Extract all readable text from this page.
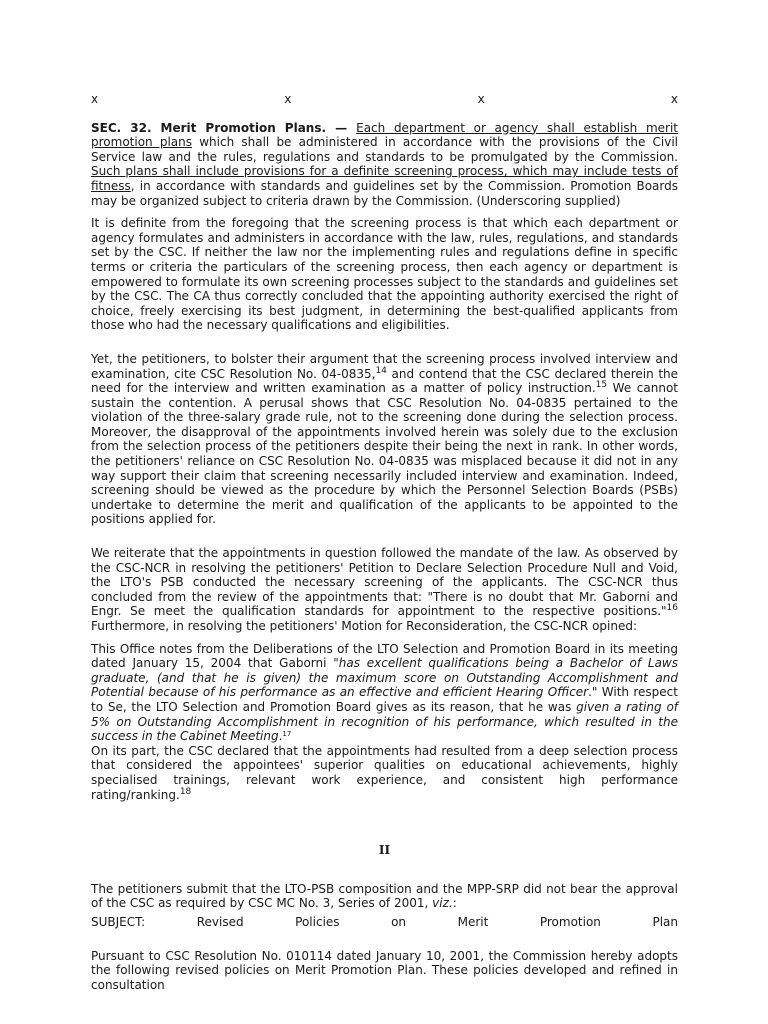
x	x	x	x

SEC. 32. Merit Promotion Plans. — Each department or agency shall establish merit promotion plans which shall be administered in accordance with the provisions of the Civil Service law and the rules, regulations and standards to be promulgated by the Commission. Such plans shall include provisions for a definite screening process, which may include tests of fitness, in accordance with standards and guidelines set by the Commission. Promotion Boards may be organized subject to criteria drawn by the Commission. (Underscoring supplied)

It is definite from the foregoing that the screening process is that which each department or agency formulates and administers in accordance with the law, rules, regulations, and standards set by the CSC. If neither the law nor the implementing rules and regulations define in specific terms or criteria the particulars of the screening process, then each agency or department is empowered to formulate its own screening processes subject to the standards and guidelines set by the CSC. The CA thus correctly concluded that the appointing authority exercised the right of choice, freely exercising its best judgment, in determining the best-qualified applicants from those who had the necessary qualifications and eligibilities.

Yet, the petitioners, to bolster their argument that the screening process involved interview and examination, cite CSC Resolution No. 04-0835,14 and contend that the CSC declared therein the need for the interview and written examination as a matter of policy instruction.$^{15}$ We cannot sustain the contention. A perusal shows that CSC Resolution No. 04-0835 pertained to the violation of the three-salary grade rule, not to the screening done during the selection process. Moreover, the disapproval of the appointments involved herein was solely due to the exclusion from the selection process of the petitioners despite their being the next in rank. In other words, the petitioners' reliance on CSC Resolution No. 04-0835 was misplaced because it did not in any way support their claim that screening necessarily included interview and examination. Indeed, screening should be viewed as the procedure by which the Personnel Selection Boards (PSBs) undertake to determine the merit and qualification of the applicants to be appointed to the positions applied for.

We reiterate that the appointments in question followed the mandate of the law. As observed by the CSC-NCR in resolving the petitioners' Petition to Declare Selection Procedure Null and Void, the LTO's PSB conducted the necessary screening of the applicants. The CSC-NCR thus concluded from the review of the appointments that: "There is no doubt that Mr. Gaborni and Engr. Se meet the qualification standards for appointment to the respective positions."$^{16}$ Furthermore, in resolving the petitioners' Motion for Reconsideration, the CSC-NCR opined:

This Office notes from the Deliberations of the LTO Selection and Promotion Board in its meeting dated January 15, 2004 that Gaborni "has excellent qualifications being a Bachelor of Laws graduate, (and that he is given) the maximum score on Outstanding Accomplishment and Potential because of his performance as an effective and efficient Hearing Officer." With respect to Se, the LTO Selection and Promotion Board gives as its reason, that he was given a rating of 5% on Outstanding Accomplishment in recognition of his performance, which resulted in the success in the Cabinet Meeting.$^{17}$

On its part, the CSC declared that the appointments had resulted from a deep selection process that considered the appointees' superior qualities on educational achievements, highly specialised trainings, relevant work experience, and consistent high performance rating/ranking.$^{18}$

II

The petitioners submit that the LTO-PSB composition and the MPP-SRP did not bear the approval of the CSC as required by CSC MC No. 3, Series of 2001, viz.:

SUBJECT:	Revised	Policies	on	Merit	Promotion	Plan

Pursuant to CSC Resolution No. 010114 dated January 10, 2001, the Commission hereby adopts the following revised policies on Merit Promotion Plan. These policies developed and refined in consultation
